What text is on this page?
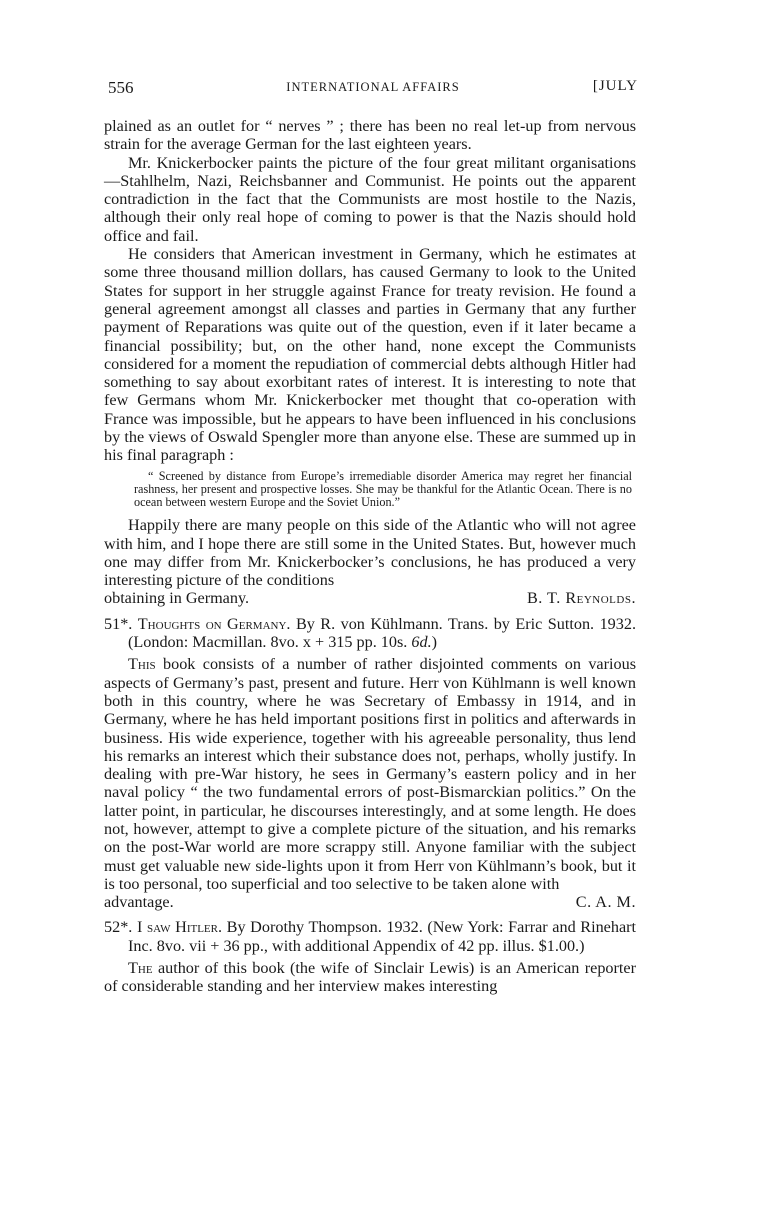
556	INTERNATIONAL AFFAIRS	[JULY

plained as an outlet for “ nerves ” ; there has been no real let-up from nervous strain for the average German for the last eighteen years.

Mr. Knickerbocker paints the picture of the four great militant organisations—Stahlhelm, Nazi, Reichsbanner and Communist. He points out the apparent contradiction in the fact that the Communists are most hostile to the Nazis, although their only real hope of coming to power is that the Nazis should hold office and fail.

He considers that American investment in Germany, which he estimates at some three thousand million dollars, has caused Germany to look to the United States for support in her struggle against France for treaty revision. He found a general agreement amongst all classes and parties in Germany that any further payment of Reparations was quite out of the question, even if it later became a financial possibility; but, on the other hand, none except the Communists considered for a moment the repudiation of commercial debts although Hitler had something to say about exorbitant rates of interest. It is interesting to note that few Germans whom Mr. Knickerbocker met thought that co-operation with France was impossible, but he appears to have been influenced in his conclusions by the views of Oswald Spengler more than anyone else. These are summed up in his final paragraph :

“ Screened by distance from Europe’s irremediable disorder America may regret her financial rashness, her present and prospective losses. She may be thankful for the Atlantic Ocean. There is no ocean between western Europe and the Soviet Union.”

Happily there are many people on this side of the Atlantic who will not agree with him, and I hope there are still some in the United States. But, however much one may differ from Mr. Knickerbocker’s conclusions, he has produced a very interesting picture of the conditions

obtaining in Germany.	B. T. Reynolds.

51*. Thoughts on Germany. By R. von Kühlmann. Trans. by Eric Sutton. 1932. (London: Macmillan. 8vo. x + 315 pp. 10s. 6d.)

This book consists of a number of rather disjointed comments on various aspects of Germany’s past, present and future. Herr von Kühlmann is well known both in this country, where he was Secretary of Embassy in 1914, and in Germany, where he has held important positions first in politics and afterwards in business. His wide experience, together with his agreeable personality, thus lend his remarks an interest which their substance does not, perhaps, wholly justify. In dealing with pre-War history, he sees in Germany’s eastern policy and in her naval policy “ the two fundamental errors of post-Bismarckian politics.” On the latter point, in particular, he discourses interestingly, and at some length. He does not, however, attempt to give a complete picture of the situation, and his remarks on the post-War world are more scrappy still. Anyone familiar with the subject must get valuable new side-lights upon it from Herr von Kühlmann’s book, but it is too personal, too superficial and too selective to be taken alone with

advantage.	C. A. M.

52*. I saw Hitler. By Dorothy Thompson. 1932. (New York: Farrar and Rinehart Inc. 8vo. vii + 36 pp., with additional Appendix of 42 pp. illus. $1.00.)

The author of this book (the wife of Sinclair Lewis) is an American reporter of considerable standing and her interview makes interesting
